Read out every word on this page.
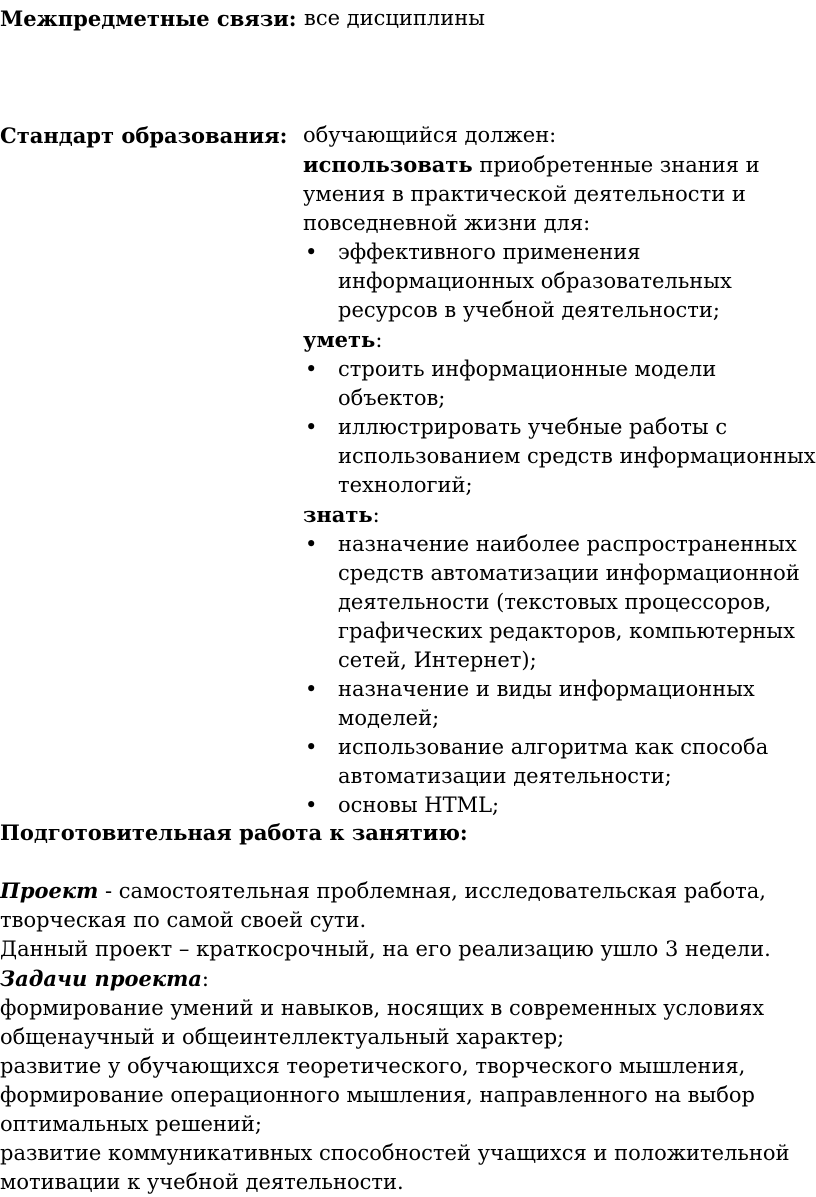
Межпредметные связи: все дисциплины
Стандарт образования: обучающийся должен:

использовать приобретенные знания и умения в практической деятельности и повседневной жизни для:

• эффективного применения информационных образовательных ресурсов в учебной деятельности;

уметь:

• строить информационные модели объектов;
• иллюстрировать учебные работы с использованием средств информационных технологий;

знать:

• назначение наиболее распространенных средств автоматизации информационной деятельности (текстовых процессоров, графических редакторов, компьютерных сетей, Интернет);
• назначение и виды информационных моделей;
• использование алгоритма как способа автоматизации деятельности;
• основы HTML;

Подготовительная работа к занятию:

Проект - самостоятельная проблемная, исследовательская работа, творческая по самой своей сути.

Данный проект – краткосрочный, на его реализацию ушло 3 недели.

Задачи проекта:

формирование умений и навыков, носящих в современных условиях общенаучный и общеинтеллектуальный характер;

развитие у обучающихся теоретического, творческого мышления, формирование операционного мышления, направленного на выбор оптимальных решений;

развитие коммуникативных способностей учащихся и положительной мотивации к учебной деятельности.
